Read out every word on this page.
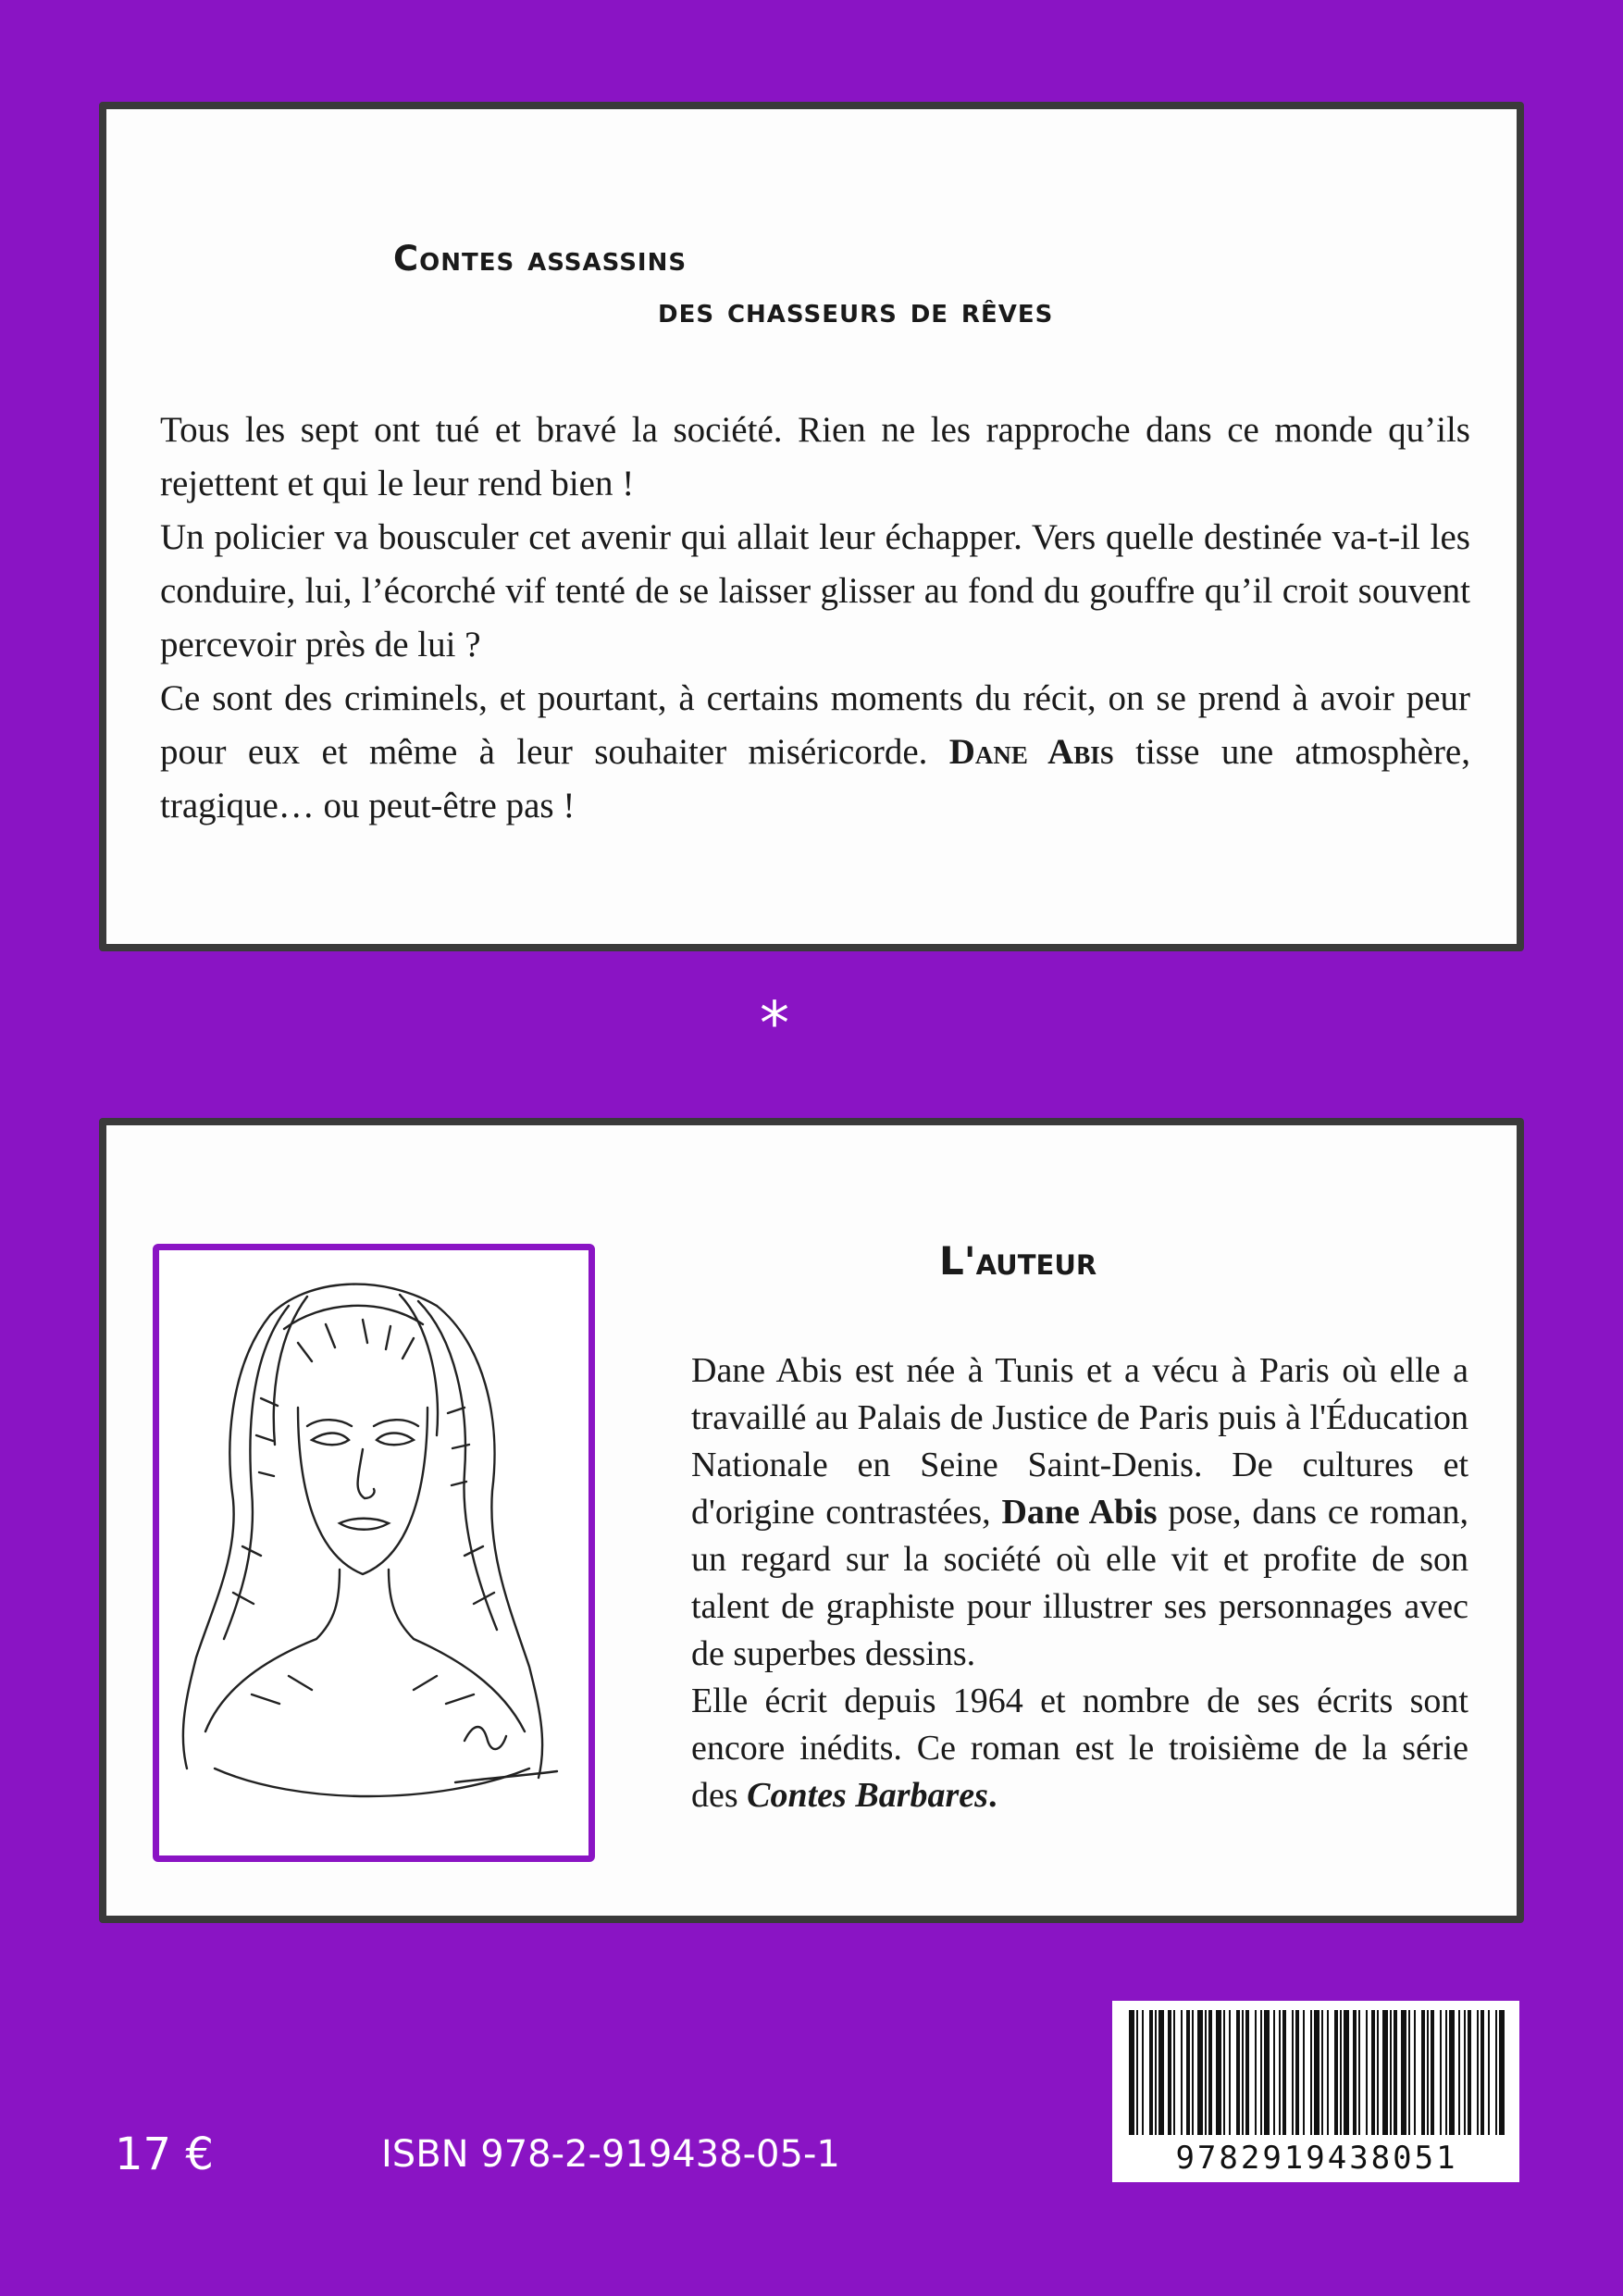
Contes assassins
des chasseurs de rêves

Tous les sept ont tué et bravé la société. Rien ne les rapproche dans ce monde qu’ils rejettent et qui le leur rend bien !

Un policier va bousculer cet avenir qui allait leur échapper. Vers quelle destinée va-t-il les conduire, lui, l’écorché vif tenté de se laisser glisser au fond du gouffre qu’il croit souvent percevoir près de lui ?

Ce sont des criminels, et pourtant, à certains moments du récit, on se prend à avoir peur pour eux et même à leur souhaiter miséricorde. Dane Abis tisse une atmosphère, tragique… ou peut-être pas !

*
L'auteur

Dane Abis est née à Tunis et a vécu à Paris où elle a travaillé au Palais de Justice de Paris puis à l'Éducation Nationale en Seine Saint-Denis. De cultures et d'origine contrastées, Dane Abis pose, dans ce roman, un regard sur la société où elle vit et profite de son talent de graphiste pour illustrer ses personnages avec de superbes dessins.

Elle écrit depuis 1964 et nombre de ses écrits sont encore inédits. Ce roman est le troisième de la série des Contes Barbares.

17 €	ISBN 978-2-919438-05-1	9782919438051
